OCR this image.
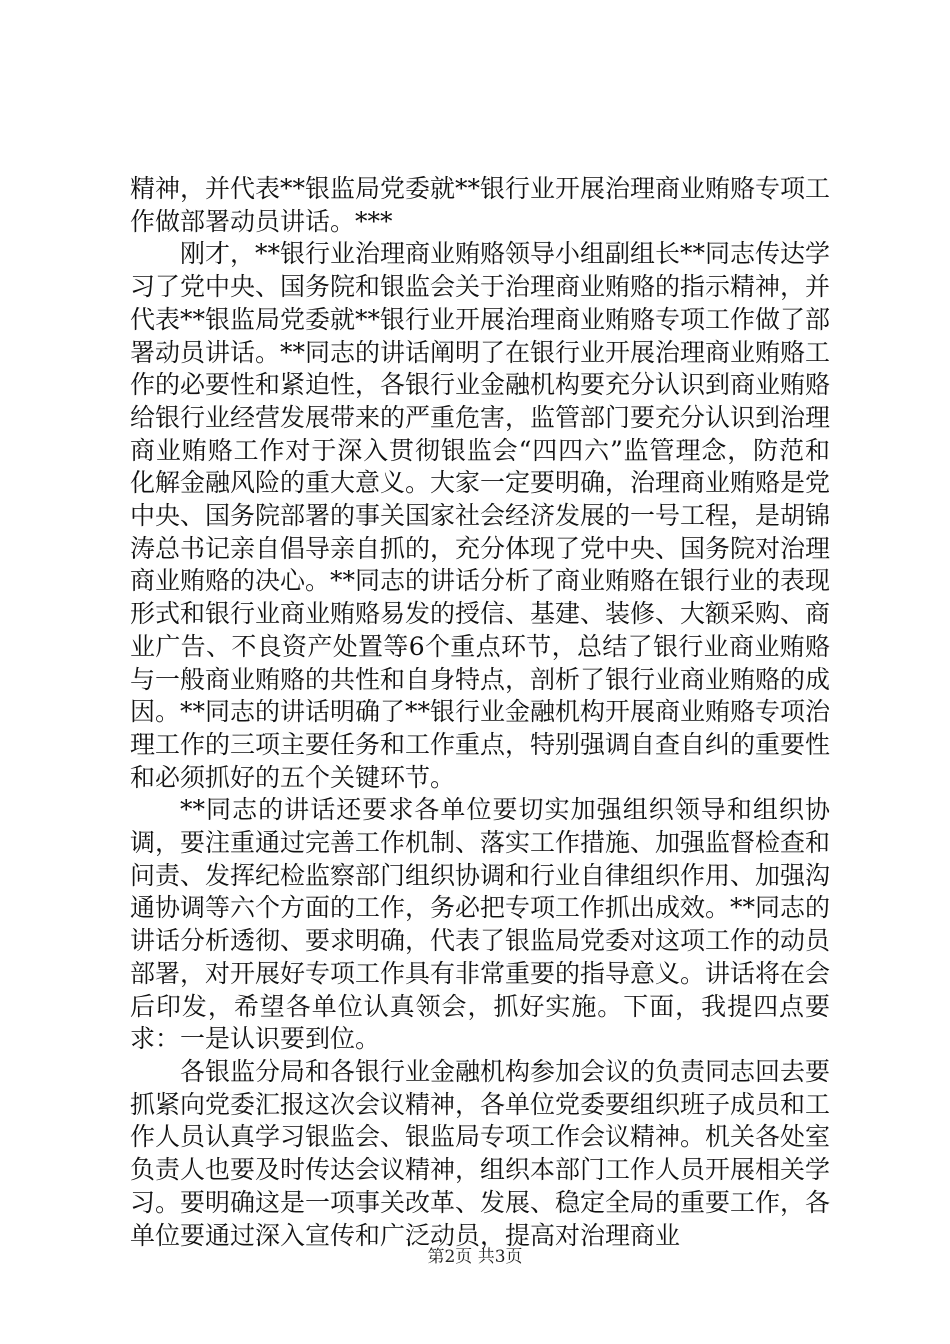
精神，并代表**银监局党委就**银行业开展治理商业贿赂专项工作做部署动员讲话。***

刚才，**银行业治理商业贿赂领导小组副组长**同志传达学习了党中央、国务院和银监会关于治理商业贿赂的指示精神，并代表**银监局党委就**银行业开展治理商业贿赂专项工作做了部署动员讲话。**同志的讲话阐明了在银行业开展治理商业贿赂工作的必要性和紧迫性，各银行业金融机构要充分认识到商业贿赂给银行业经营发展带来的严重危害，监管部门要充分认识到治理商业贿赂工作对于深入贯彻银监会“四四六”监管理念，防范和化解金融风险的重大意义。大家一定要明确，治理商业贿赂是党中央、国务院部署的事关国家社会经济发展的一号工程，是胡锦涛总书记亲自倡导亲自抓的，充分体现了党中央、国务院对治理商业贿赂的决心。**同志的讲话分析了商业贿赂在银行业的表现形式和银行业商业贿赂易发的授信、基建、装修、大额采购、商业广告、不良资产处置等6个重点环节，总结了银行业商业贿赂与一般商业贿赂的共性和自身特点，剖析了银行业商业贿赂的成因。**同志的讲话明确了**银行业金融机构开展商业贿赂专项治理工作的三项主要任务和工作重点，特别强调自查自纠的重要性和必须抓好的五个关键环节。

**同志的讲话还要求各单位要切实加强组织领导和组织协调，要注重通过完善工作机制、落实工作措施、加强监督检查和问责、发挥纪检监察部门组织协调和行业自律组织作用、加强沟通协调等六个方面的工作，务必把专项工作抓出成效。**同志的讲话分析透彻、要求明确，代表了银监局党委对这项工作的动员部署，对开展好专项工作具有非常重要的指导意义。讲话将在会后印发，希望各单位认真领会，抓好实施。下面，我提四点要求：一是认识要到位。

各银监分局和各银行业金融机构参加会议的负责同志回去要抓紧向党委汇报这次会议精神，各单位党委要组织班子成员和工作人员认真学习银监会、银监局专项工作会议精神。机关各处室负责人也要及时传达会议精神，组织本部门工作人员开展相关学习。要明确这是一项事关改革、发展、稳定全局的重要工作，各单位要通过深入宣传和广泛动员，提高对治理商业

第2页 共3页
